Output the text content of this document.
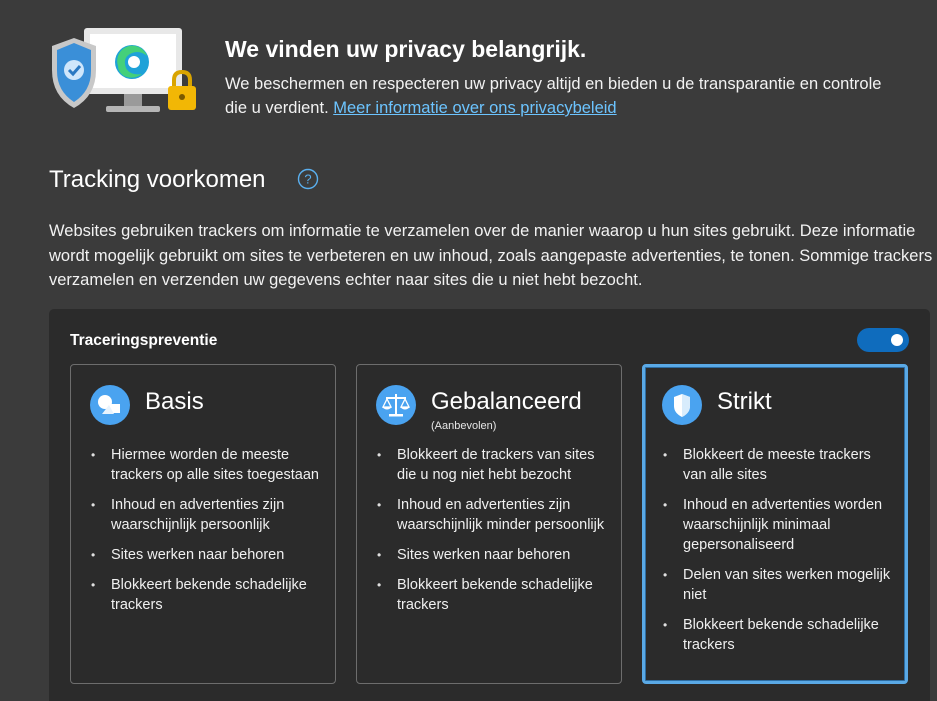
We vinden uw privacy belangrijk.
We beschermen en respecteren uw privacy altijd en bieden u de transparantie en controle die u verdient. Meer informatie over ons privacybeleid
Tracking voorkomen	?
Websites gebruiken trackers om informatie te verzamelen over de manier waarop u hun sites gebruikt. Deze informatie wordt mogelijk gebruikt om sites te verbeteren en uw inhoud, zoals aangepaste advertenties, te tonen. Sommige trackers verzamelen en verzenden uw gegevens echter naar sites die u niet hebt bezocht.
Traceringspreventie
Basis
• Hiermee worden de meeste trackers op alle sites toegestaan
• Inhoud en advertenties zijn waarschijnlijk persoonlijk
• Sites werken naar behoren
• Blokkeert bekende schadelijke trackers
Gebalanceerd
(Aanbevolen)
• Blokkeert de trackers van sites die u nog niet hebt bezocht
• Inhoud en advertenties zijn waarschijnlijk minder persoonlijk
• Sites werken naar behoren
• Blokkeert bekende schadelijke trackers
Strikt
• Blokkeert de meeste trackers van alle sites
• Inhoud en advertenties worden waarschijnlijk minimaal gepersonaliseerd
• Delen van sites werken mogelijk niet
• Blokkeert bekende schadelijke trackers
